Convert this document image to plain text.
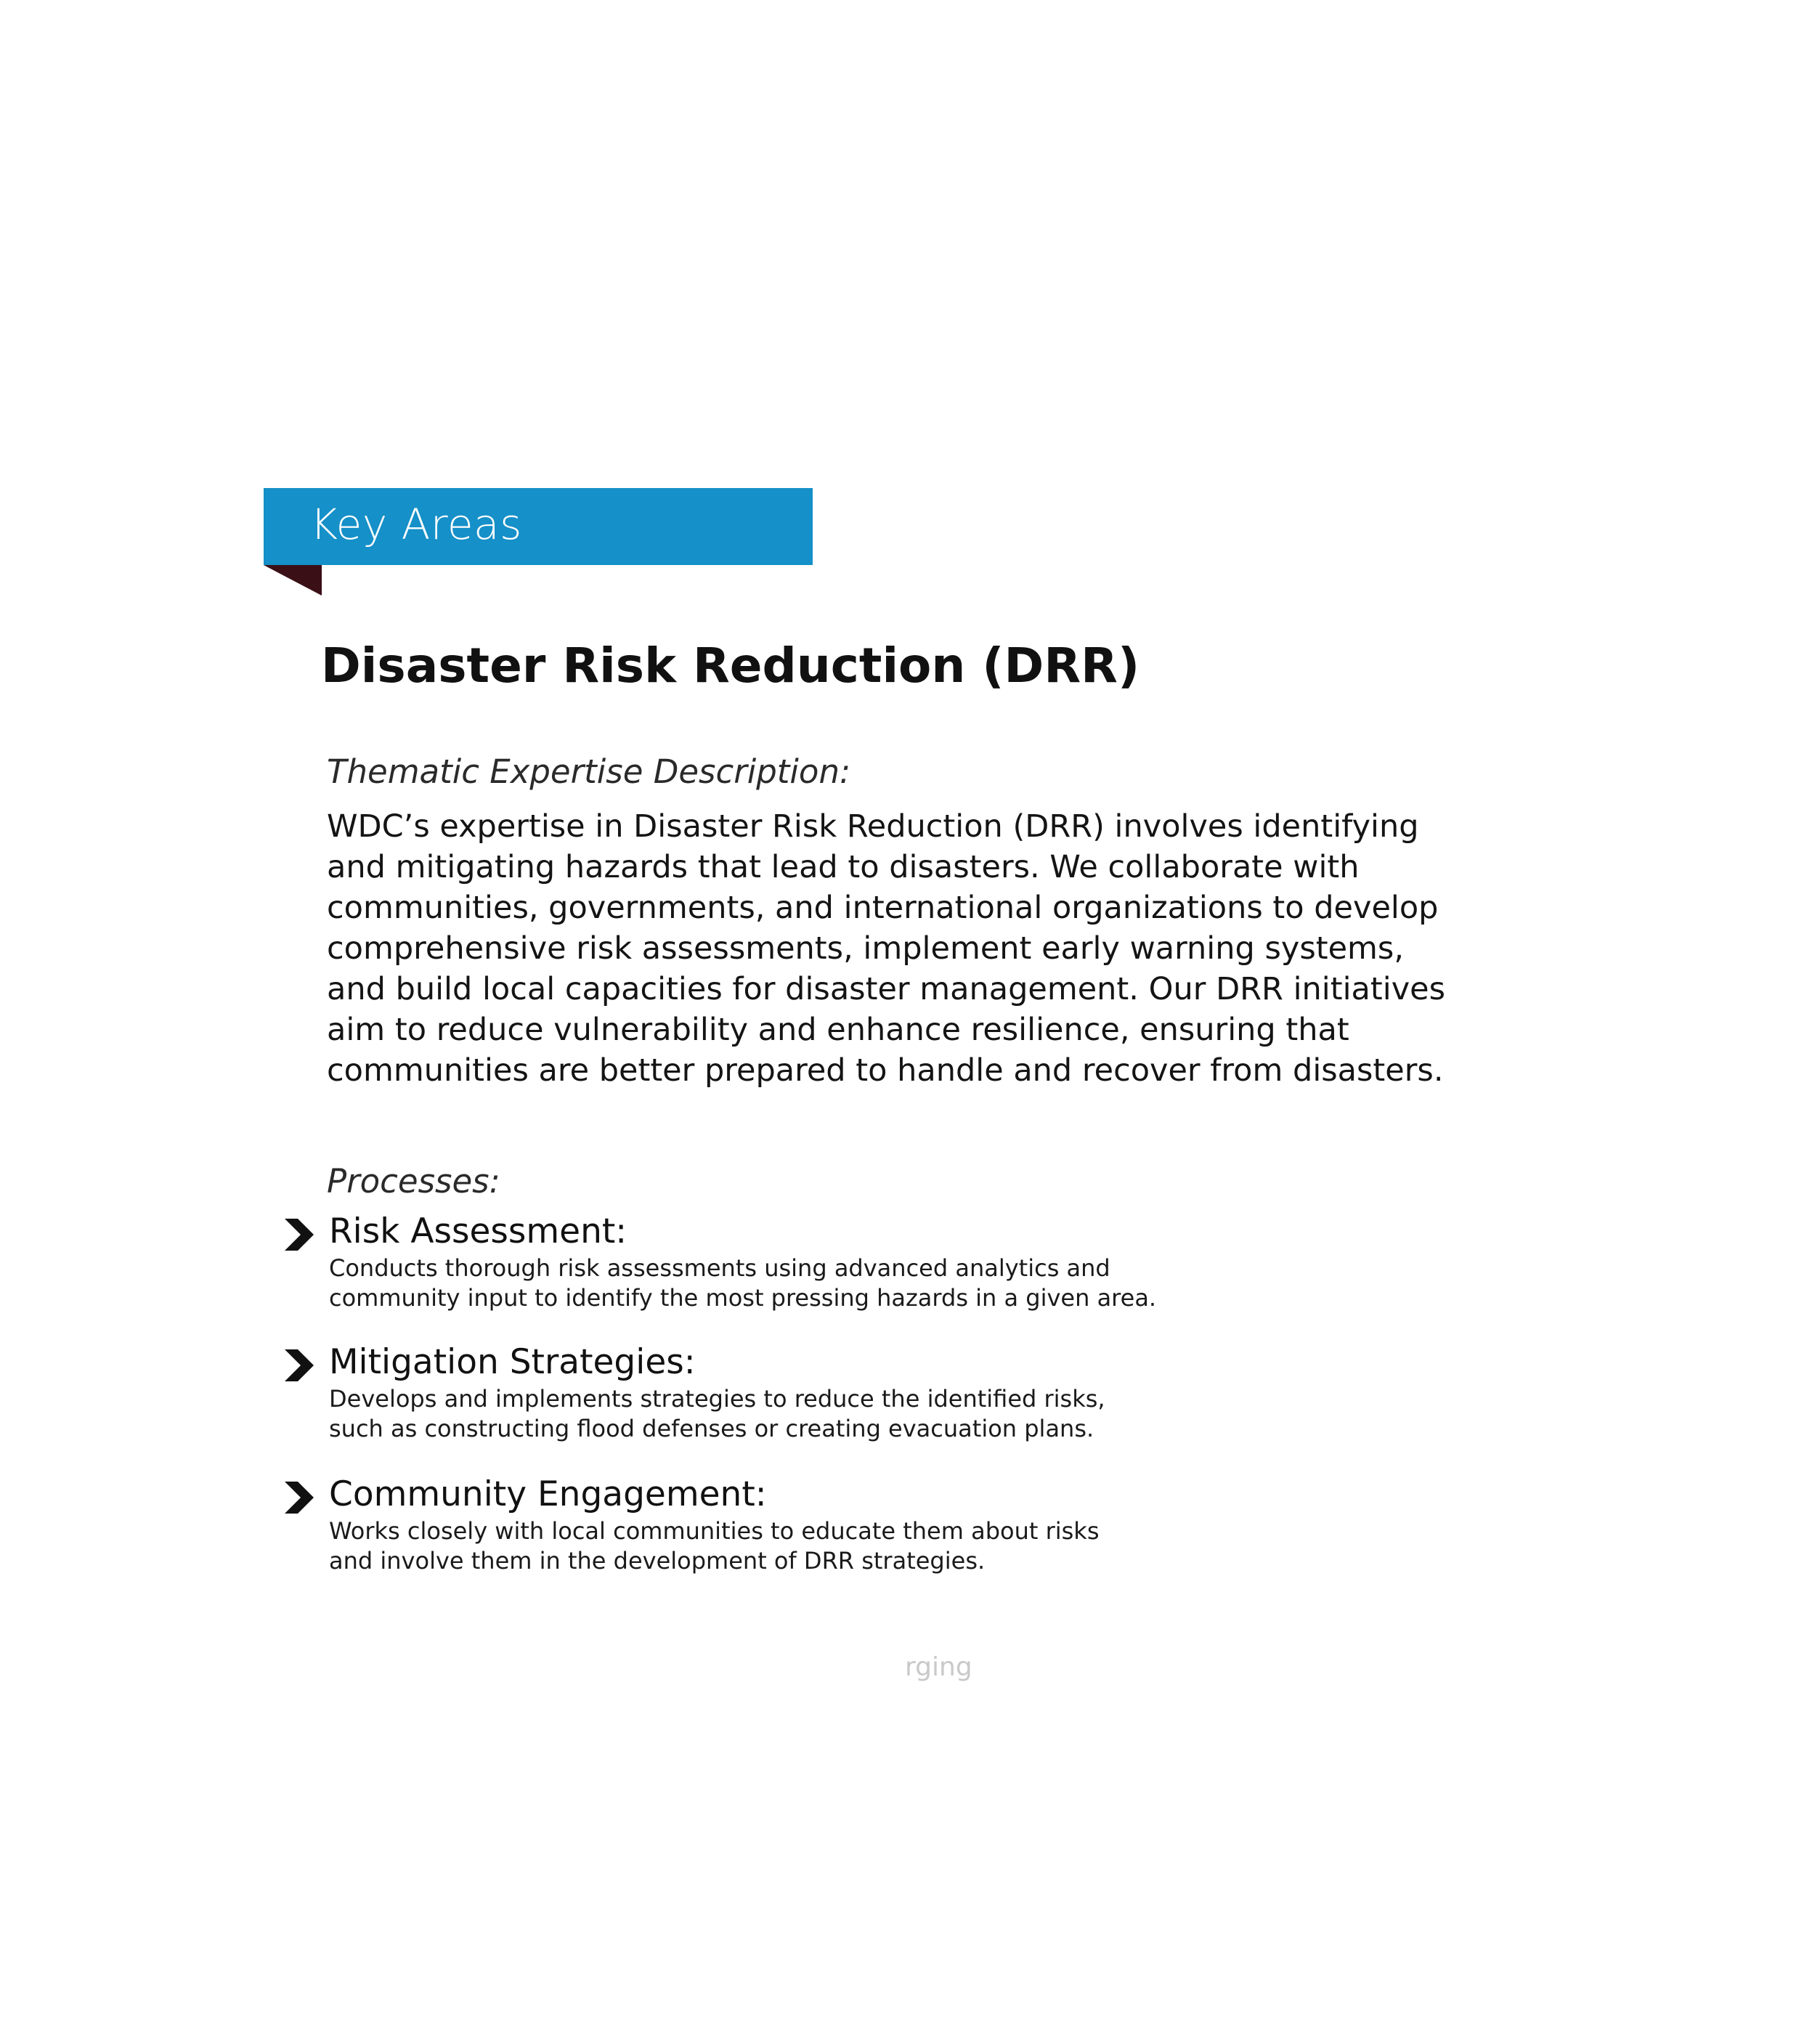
Key Areas
Disaster Risk Reduction (DRR)
Thematic Expertise Description:

WDC’s expertise in Disaster Risk Reduction (DRR) involves identifying
and mitigating hazards that lead to disasters. We collaborate with
communities, governments, and international organizations to develop
comprehensive risk assessments, implement early warning systems,
and build local capacities for disaster management. Our DRR initiatives
aim to reduce vulnerability and enhance resilience, ensuring that
communities are better prepared to handle and recover from disasters.

Processes:
Risk Assessment:

Conducts thorough risk assessments using advanced analytics and
community input to identify the most pressing hazards in a given area.

Mitigation Strategies:

Develops and implements strategies to reduce the identified risks,
such as constructing flood defenses or creating evacuation plans.

Community Engagement:

Works closely with local communities to educate them about risks
and involve them in the development of DRR strategies.

rging
